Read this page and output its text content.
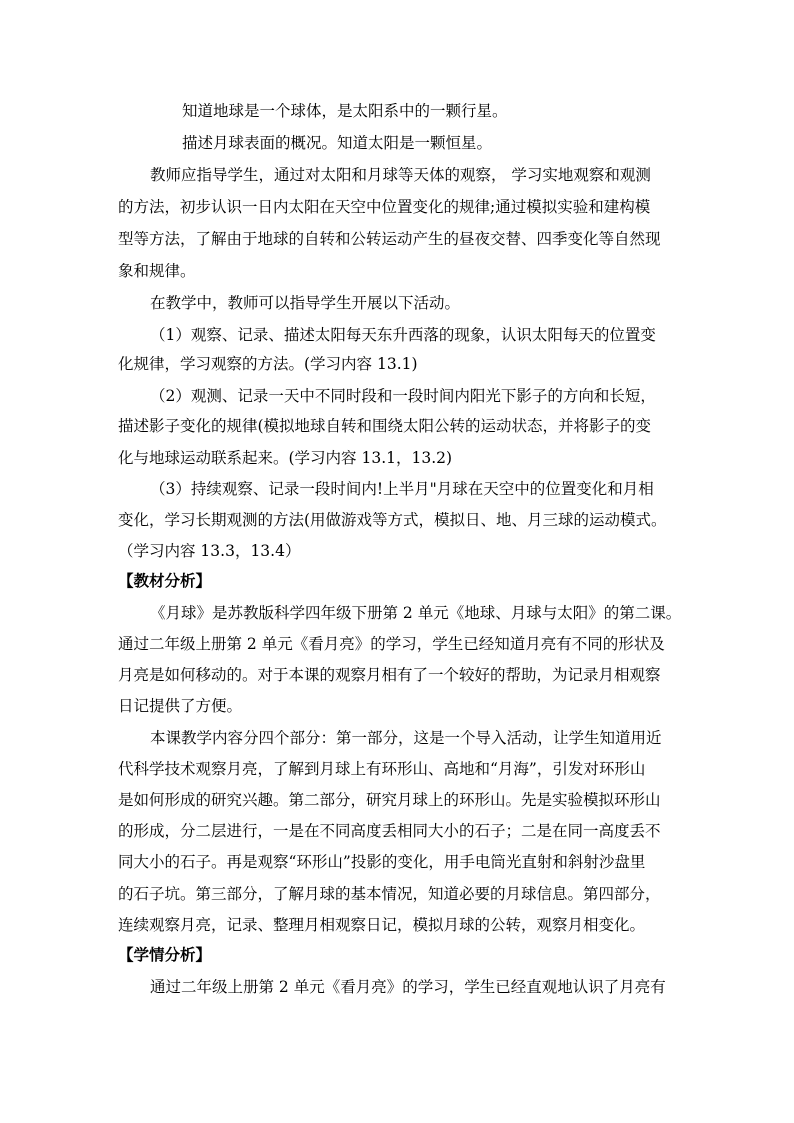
知道地球是一个球体，是太阳系中的一颗行星。
描述月球表面的概况。知道太阳是一颗恒星。
教师应指导学生，通过对太阳和月球等天体的观察， 学习实地观察和观测
的方法，初步认识一日内太阳在天空中位置变化的规律;通过模拟实验和建构模
型等方法，了解由于地球的自转和公转运动产生的昼夜交替、四季变化等自然现
象和规律。
在教学中，教师可以指导学生开展以下活动。
（1）观察、记录、描述太阳每天东升西落的现象，认识太阳每天的位置变
化规律，学习观察的方法。(学习内容 13.1)
（2）观测、记录一天中不同时段和一段时间内阳光下影子的方向和长短，
描述影子变化的规律(模拟地球自转和围绕太阳公转的运动状态，并将影子的变
化与地球运动联系起来。(学习内容 13.1，13.2)
（3）持续观察、记录一段时间内!上半月"月球在天空中的位置变化和月相
变化，学习长期观测的方法(用做游戏等方式，模拟日、地、月三球的运动模式。
（学习内容 13.3，13.4）
【教材分析】
《月球》是苏教版科学四年级下册第 2 单元《地球、月球与太阳》的第二课。
通过二年级上册第 2 单元《看月亮》的学习，学生已经知道月亮有不同的形状及
月亮是如何移动的。对于本课的观察月相有了一个较好的帮助，为记录月相观察
日记提供了方便。
本课教学内容分四个部分：第一部分，这是一个导入活动，让学生知道用近
代科学技术观察月亮，了解到月球上有环形山、高地和“月海”，引发对环形山
是如何形成的研究兴趣。第二部分，研究月球上的环形山。先是实验模拟环形山
的形成，分二层进行，一是在不同高度丢相同大小的石子；二是在同一高度丢不
同大小的石子。再是观察“环形山”投影的变化，用手电筒光直射和斜射沙盘里
的石子坑。第三部分，了解月球的基本情况，知道必要的月球信息。第四部分，
连续观察月亮，记录、整理月相观察日记，模拟月球的公转，观察月相变化。
【学情分析】
通过二年级上册第 2 单元《看月亮》的学习，学生已经直观地认识了月亮有
